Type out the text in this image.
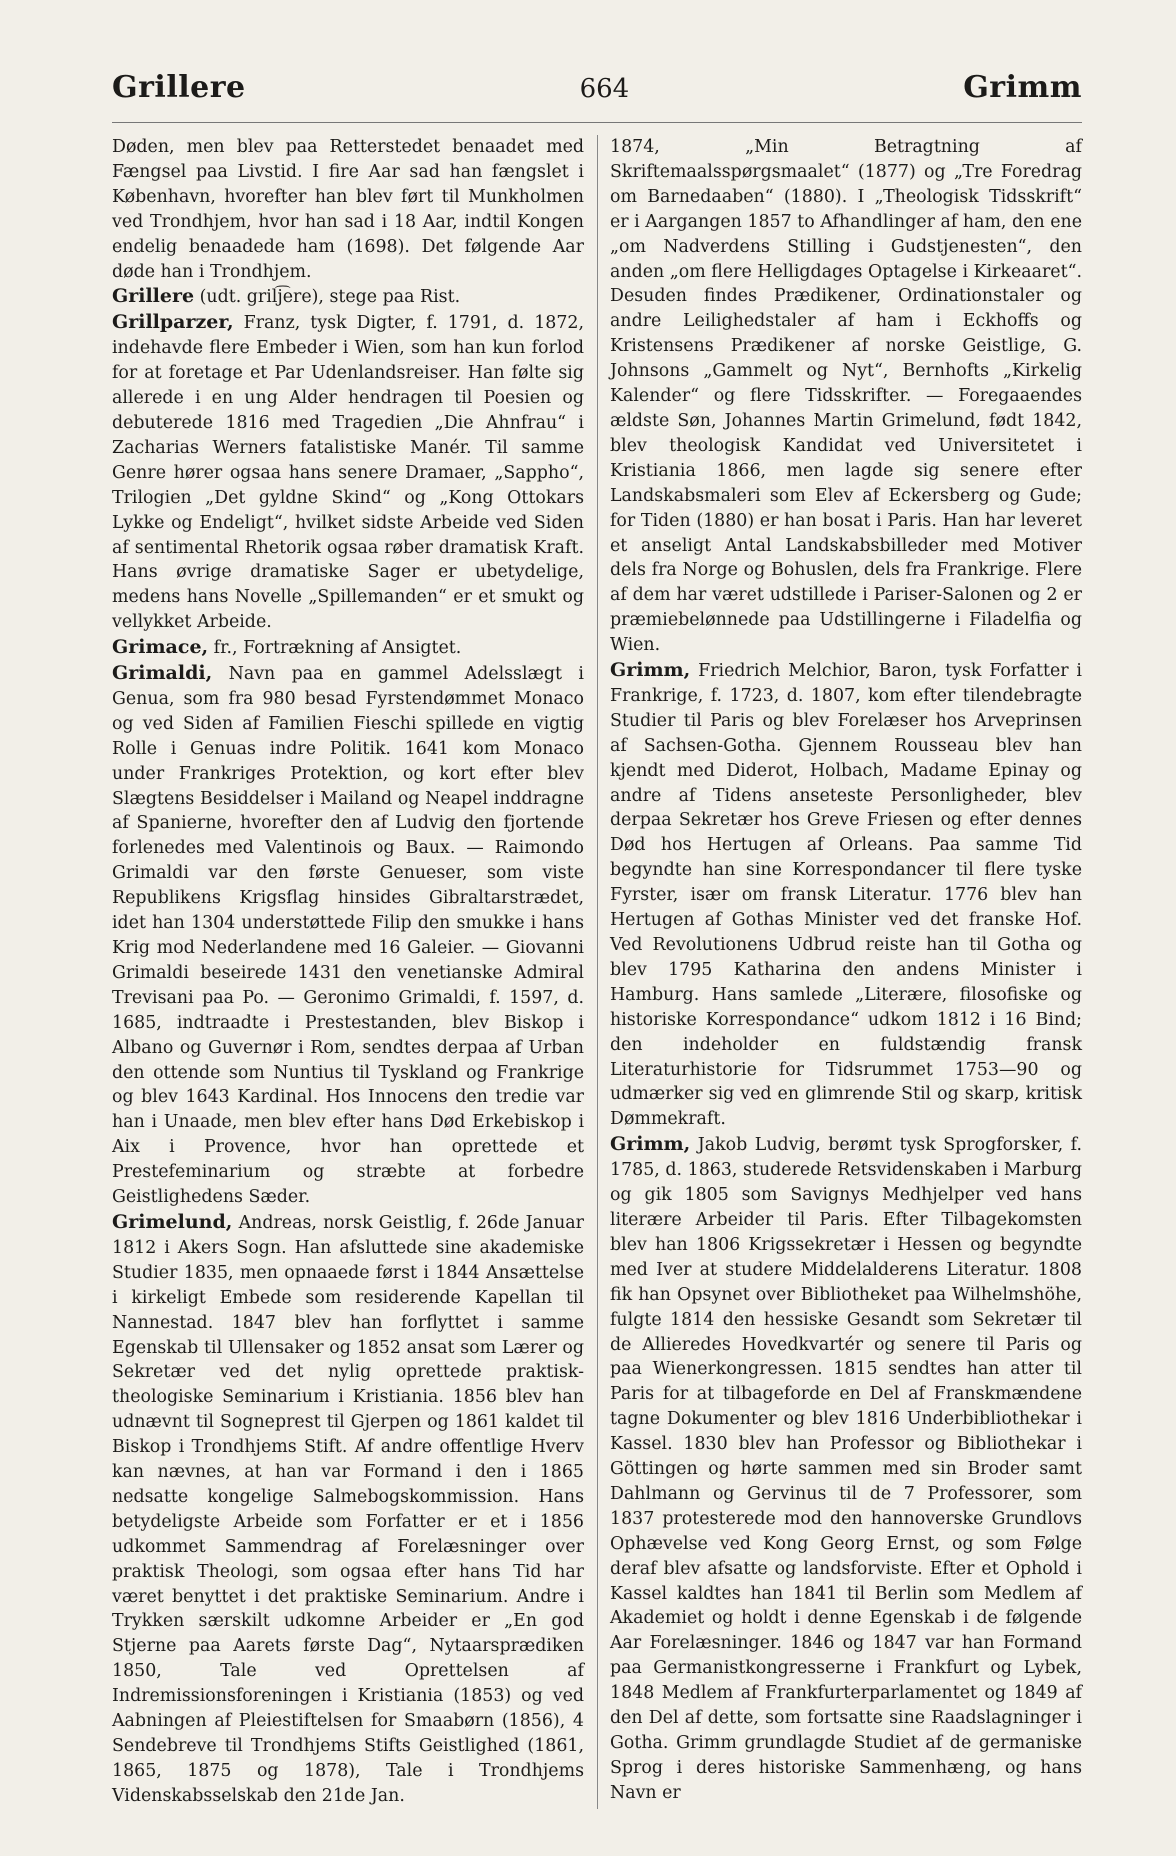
Grillere	664	Grimm

Døden, men blev paa Retterstedet benaadet med Fængsel paa Livstid. I fire Aar sad han fængslet i København, hvorefter han blev ført til Munkholmen ved Trondhjem, hvor han sad i 18 Aar, indtil Kongen endelig benaadede ham (1698). Det følgende Aar døde han i Trondhjem.

Grillere (udt. grilj͡ere), stege paa Rist.

Grillparzer, Franz, tysk Digter, f. 1791, d. 1872, indehavde flere Embeder i Wien, som han kun forlod for at foretage et Par Udenlandsreiser. Han følte sig allerede i en ung Alder hendragen til Poesien og debuterede 1816 med Tragedien „Die Ahnfrau“ i Zacharias Werners fatalistiske Manér. Til samme Genre hører ogsaa hans senere Dramaer, „Sappho“, Trilogien „Det gyldne Skind“ og „Kong Ottokars Lykke og Endeligt“, hvilket sidste Arbeide ved Siden af sentimental Rhetorik ogsaa røber dramatisk Kraft. Hans øvrige dramatiske Sager er ubetydelige, medens hans Novelle „Spillemanden“ er et smukt og vellykket Arbeide.

Grimace, fr., Fortrækning af Ansigtet.

Grimaldi, Navn paa en gammel Adelsslægt i Genua, som fra 980 besad Fyrstendømmet Monaco og ved Siden af Familien Fieschi spillede en vigtig Rolle i Genuas indre Politik. 1641 kom Monaco under Frankriges Protektion, og kort efter blev Slægtens Besiddelser i Mailand og Neapel inddragne af Spanierne, hvorefter den af Ludvig den fjortende forlenedes med Valentinois og Baux. — Raimondo Grimaldi var den første Genueser, som viste Republikens Krigsflag hinsides Gibraltarstrædet, idet han 1304 understøttede Filip den smukke i hans Krig mod Nederlandene med 16 Galeier. — Giovanni Grimaldi beseirede 1431 den venetianske Admiral Trevisani paa Po. — Geronimo Grimaldi, f. 1597, d. 1685, indtraadte i Prestestanden, blev Biskop i Albano og Guvernør i Rom, sendtes derpaa af Urban den ottende som Nuntius til Tyskland og Frankrige og blev 1643 Kardinal. Hos Innocens den tredie var han i Unaade, men blev efter hans Død Erkebiskop i Aix i Provence, hvor han oprettede et Prestefeminarium og stræbte at forbedre Geistlighedens Sæder.

Grimelund, Andreas, norsk Geistlig, f. 26de Januar 1812 i Akers Sogn. Han afsluttede sine akademiske Studier 1835, men opnaaede først i 1844 Ansættelse i kirkeligt Embede som residerende Kapellan til Nannestad. 1847 blev han forflyttet i samme Egenskab til Ullensaker og 1852 ansat som Lærer og Sekretær ved det nylig oprettede praktisk-theologiske Seminarium i Kristiania. 1856 blev han udnævnt til Sogneprest til Gjerpen og 1861 kaldet til Biskop i Trondhjems Stift. Af andre offentlige Hverv kan nævnes, at han var Formand i den i 1865 nedsatte kongelige Salmebogskommission. Hans betydeligste Arbeide som Forfatter er et i 1856 udkommet Sammendrag af Forelæsninger over praktisk Theologi, som ogsaa efter hans Tid har været benyttet i det praktiske Seminarium. Andre i Trykken særskilt udkomne Arbeider er „En god Stjerne paa Aarets første Dag“, Nytaarsprædiken 1850, Tale ved Oprettelsen af Indremissionsforeningen i Kristiania (1853) og ved Aabningen af Pleiestiftelsen for Smaabørn (1856), 4 Sendebreve til Trondhjems Stifts Geistlighed (1861, 1865, 1875 og 1878), Tale i Trondhjems Videnskabsselskab den 21de Jan.

1874, „Min Betragtning af Skriftemaalsspørgsmaalet“ (1877) og „Tre Foredrag om Barnedaaben“ (1880). I „Theologisk Tidsskrift“ er i Aargangen 1857 to Afhandlinger af ham, den ene „om Nadverdens Stilling i Gudstjenesten“, den anden „om flere Helligdages Optagelse i Kirkeaaret“. Desuden findes Prædikener, Ordinationstaler og andre Leilighedstaler af ham i Eckhoffs og Kristensens Prædikener af norske Geistlige, G. Johnsons „Gammelt og Nyt“, Bernhofts „Kirkelig Kalender“ og flere Tidsskrifter. — Foregaaendes ældste Søn, Johannes Martin Grimelund, født 1842, blev theologisk Kandidat ved Universitetet i Kristiania 1866, men lagde sig senere efter Landskabsmaleri som Elev af Eckersberg og Gude; for Tiden (1880) er han bosat i Paris. Han har leveret et anseligt Antal Landskabsbilleder med Motiver dels fra Norge og Bohuslen, dels fra Frankrige. Flere af dem har været udstillede i Pariser-Salonen og 2 er præmiebelønnede paa Udstillingerne i Filadelfia og Wien.

Grimm, Friedrich Melchior, Baron, tysk Forfatter i Frankrige, f. 1723, d. 1807, kom efter tilendebragte Studier til Paris og blev Forelæser hos Arveprinsen af Sachsen-Gotha. Gjennem Rousseau blev han kjendt med Diderot, Holbach, Madame Epinay og andre af Tidens anseteste Personligheder, blev derpaa Sekretær hos Greve Friesen og efter dennes Død hos Hertugen af Orleans. Paa samme Tid begyndte han sine Korrespondancer til flere tyske Fyrster, især om fransk Literatur. 1776 blev han Hertugen af Gothas Minister ved det franske Hof. Ved Revolutionens Udbrud reiste han til Gotha og blev 1795 Katharina den andens Minister i Hamburg. Hans samlede „Literære, filosofiske og historiske Korrespondance“ udkom 1812 i 16 Bind; den indeholder en fuldstændig fransk Literaturhistorie for Tidsrummet 1753—90 og udmærker sig ved en glimrende Stil og skarp, kritisk Dømmekraft.

Grimm, Jakob Ludvig, berømt tysk Sprogforsker, f. 1785, d. 1863, studerede Retsvidenskaben i Marburg og gik 1805 som Savignys Medhjelper ved hans literære Arbeider til Paris. Efter Tilbagekomsten blev han 1806 Krigssekretær i Hessen og begyndte med Iver at studere Middelalderens Literatur. 1808 fik han Opsynet over Bibliotheket paa Wilhelmshöhe, fulgte 1814 den hessiske Gesandt som Sekretær til de Allieredes Hovedkvartér og senere til Paris og paa Wienerkongressen. 1815 sendtes han atter til Paris for at tilbageforde en Del af Franskmændene tagne Dokumenter og blev 1816 Underbibliothekar i Kassel. 1830 blev han Professor og Bibliothekar i Göttingen og hørte sammen med sin Broder samt Dahlmann og Gervinus til de 7 Professorer, som 1837 protesterede mod den hannoverske Grundlovs Ophævelse ved Kong Georg Ernst, og som Følge deraf blev afsatte og landsforviste. Efter et Ophold i Kassel kaldtes han 1841 til Berlin som Medlem af Akademiet og holdt i denne Egenskab i de følgende Aar Forelæsninger. 1846 og 1847 var han Formand paa Germanistkongresserne i Frankfurt og Lybek, 1848 Medlem af Frankfurterparlamentet og 1849 af den Del af dette, som fortsatte sine Raadslagninger i Gotha. Grimm grundlagde Studiet af de germaniske Sprog i deres historiske Sammenhæng, og hans Navn er
